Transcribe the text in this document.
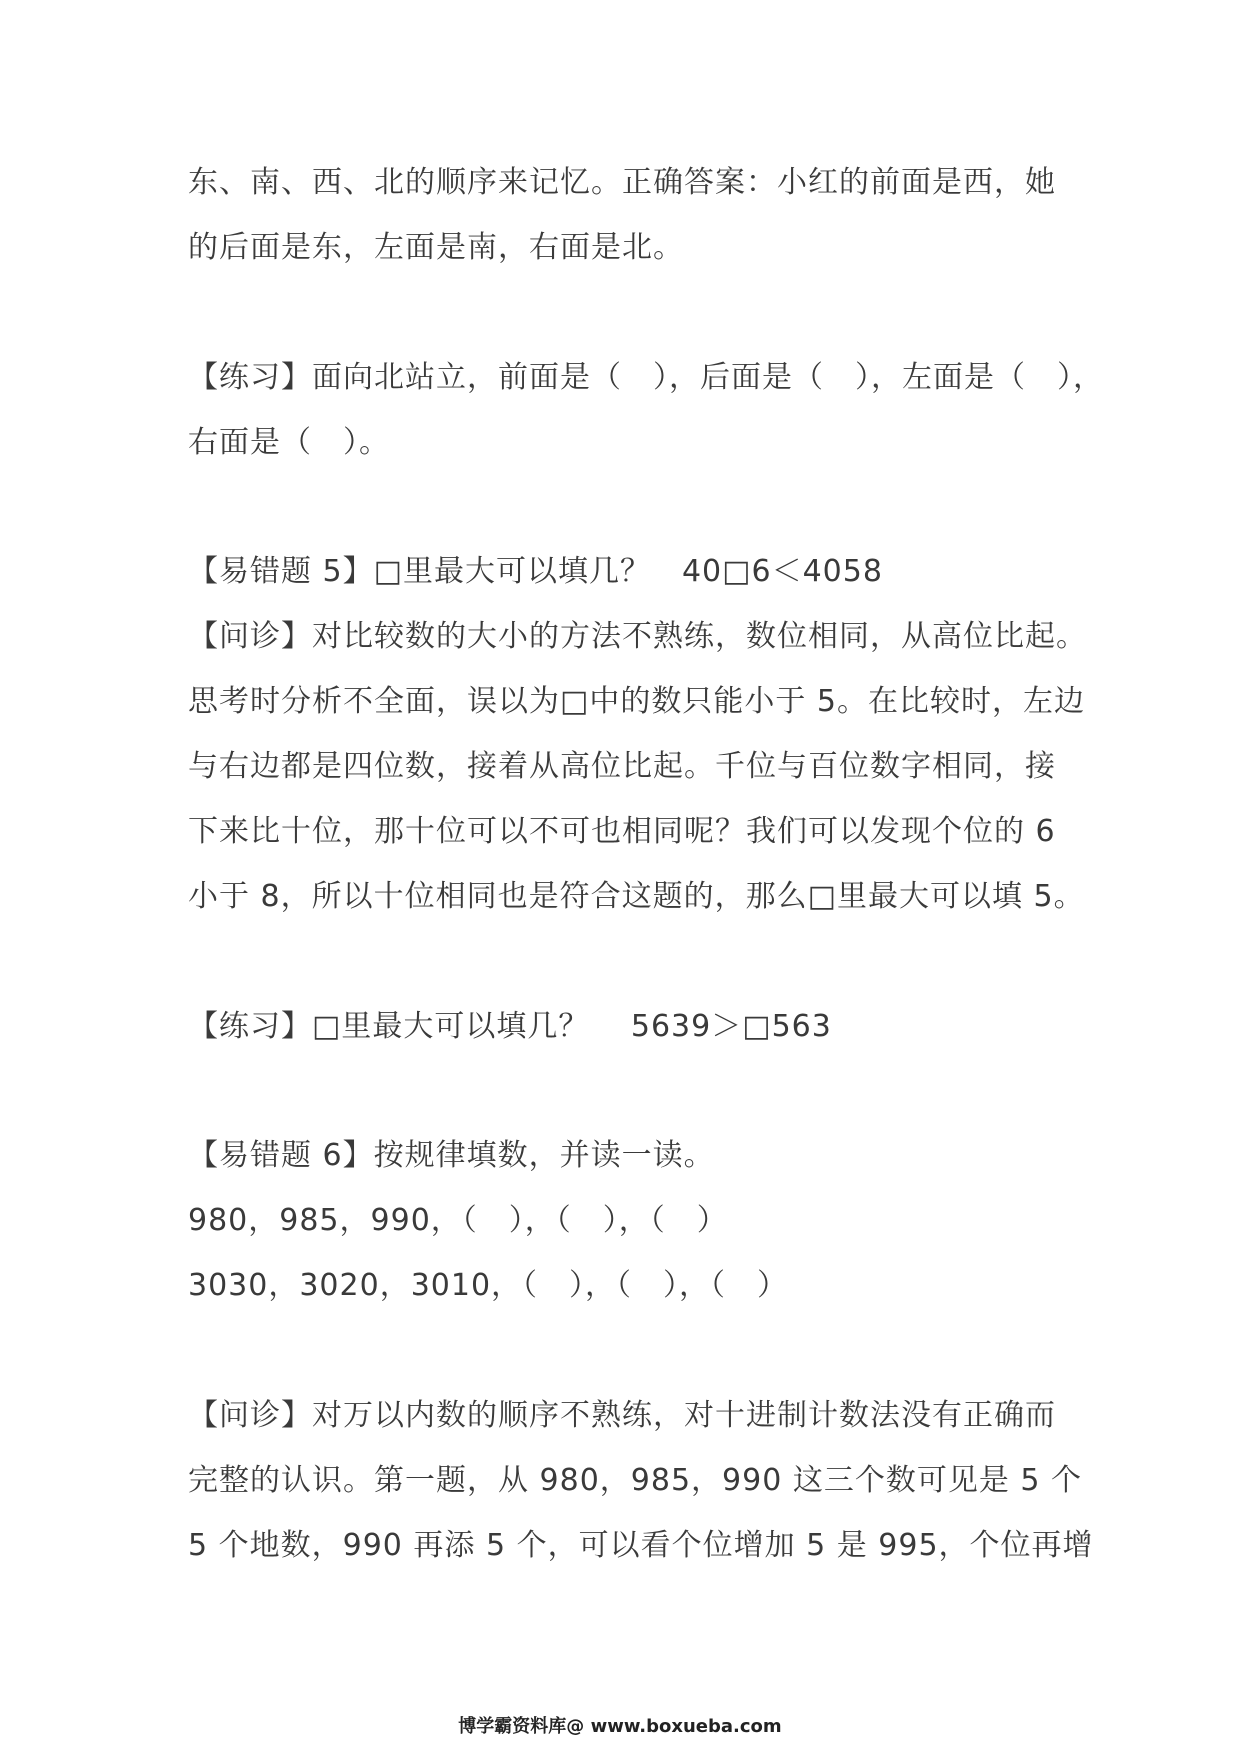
东、南、西、北的顺序来记忆。正确答案：小红的前面是西，她
的后面是东，左面是南，右面是北。
【练习】面向北站立，前面是（　），后面是（　），左面是（　），
右面是（　）。
【易错题 5】□里最大可以填几？　40□6＜4058
【问诊】对比较数的大小的方法不熟练，数位相同，从高位比起。
思考时分析不全面，误以为□中的数只能小于 5。在比较时，左边
与右边都是四位数，接着从高位比起。千位与百位数字相同，接
下来比十位，那十位可以不可也相同呢？我们可以发现个位的 6
小于 8，所以十位相同也是符合这题的，那么□里最大可以填 5。
【练习】□里最大可以填几？　 5639＞□563
【易错题 6】按规律填数，并读一读。
980，985，990，（　），（　），（　）
3030，3020，3010，（　），（　），（　）
【问诊】对万以内数的顺序不熟练，对十进制计数法没有正确而
完整的认识。第一题，从 980，985，990 这三个数可见是 5 个
5 个地数，990 再添 5 个，可以看个位增加 5 是 995，个位再增
博学霸资料库@ www.boxueba.com
